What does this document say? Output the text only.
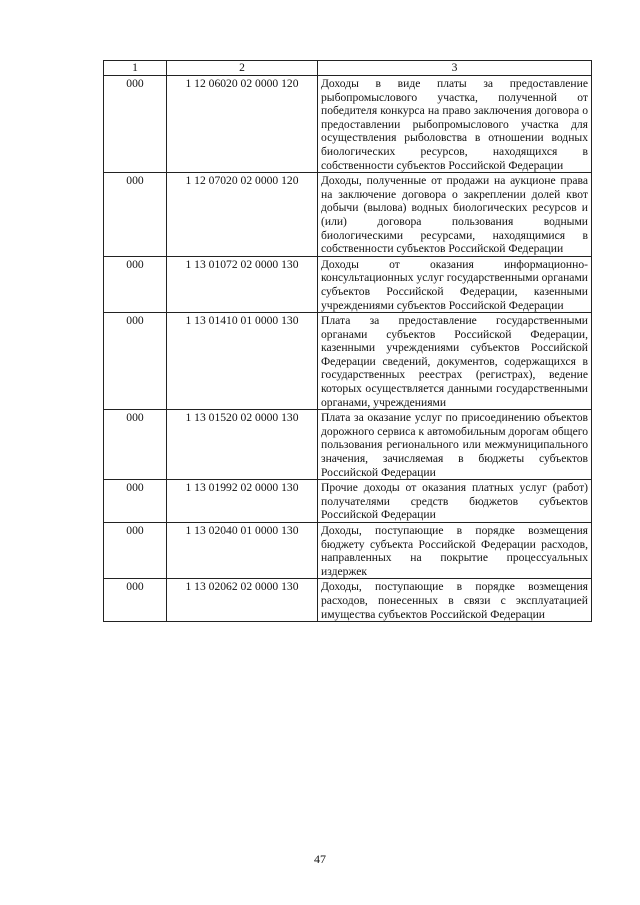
1	2	3
000	1 12 06020 02 0000 120	Доходы в виде платы за предоставление рыбопромыслового участка, полученной от победителя конкурса на право заключения договора о предоставлении рыбопромыслового участка для осуществления рыболовства в отношении водных биологических ресурсов, находящихся в собственности субъектов Российской Федерации
000	1 12 07020 02 0000 120	Доходы, полученные от продажи на аукционе права на заключение договора о закреплении долей квот добычи (вылова) водных биологических ресурсов и (или) договора пользования водными биологическими ресурсами, находящимися в собственности субъектов Российской Федерации
000	1 13 01072 02 0000 130	Доходы от оказания информационно-консультационных услуг государственными органами субъектов Российской Федерации, казенными учреждениями субъектов Российской Федерации
000	1 13 01410 01 0000 130	Плата за предоставление государственными органами субъектов Российской Федерации, казенными учреждениями субъектов Российской Федерации сведений, документов, содержащихся в государственных реестрах (регистрах), ведение которых осуществляется данными государственными органами, учреждениями
000	1 13 01520 02 0000 130	Плата за оказание услуг по присоединению объектов дорожного сервиса к автомобильным дорогам общего пользования регионального или межмуниципального значения, зачисляемая в бюджеты субъектов Российской Федерации
000	1 13 01992 02 0000 130	Прочие доходы от оказания платных услуг (работ) получателями средств бюджетов субъектов Российской Федерации
000	1 13 02040 01 0000 130	Доходы, поступающие в порядке возмещения бюджету субъекта Российской Федерации расходов, направленных на покрытие процессуальных издержек
000	1 13 02062 02 0000 130	Доходы, поступающие в порядке возмещения расходов, понесенных в связи с эксплуатацией имущества субъектов Российской Федерации
47
